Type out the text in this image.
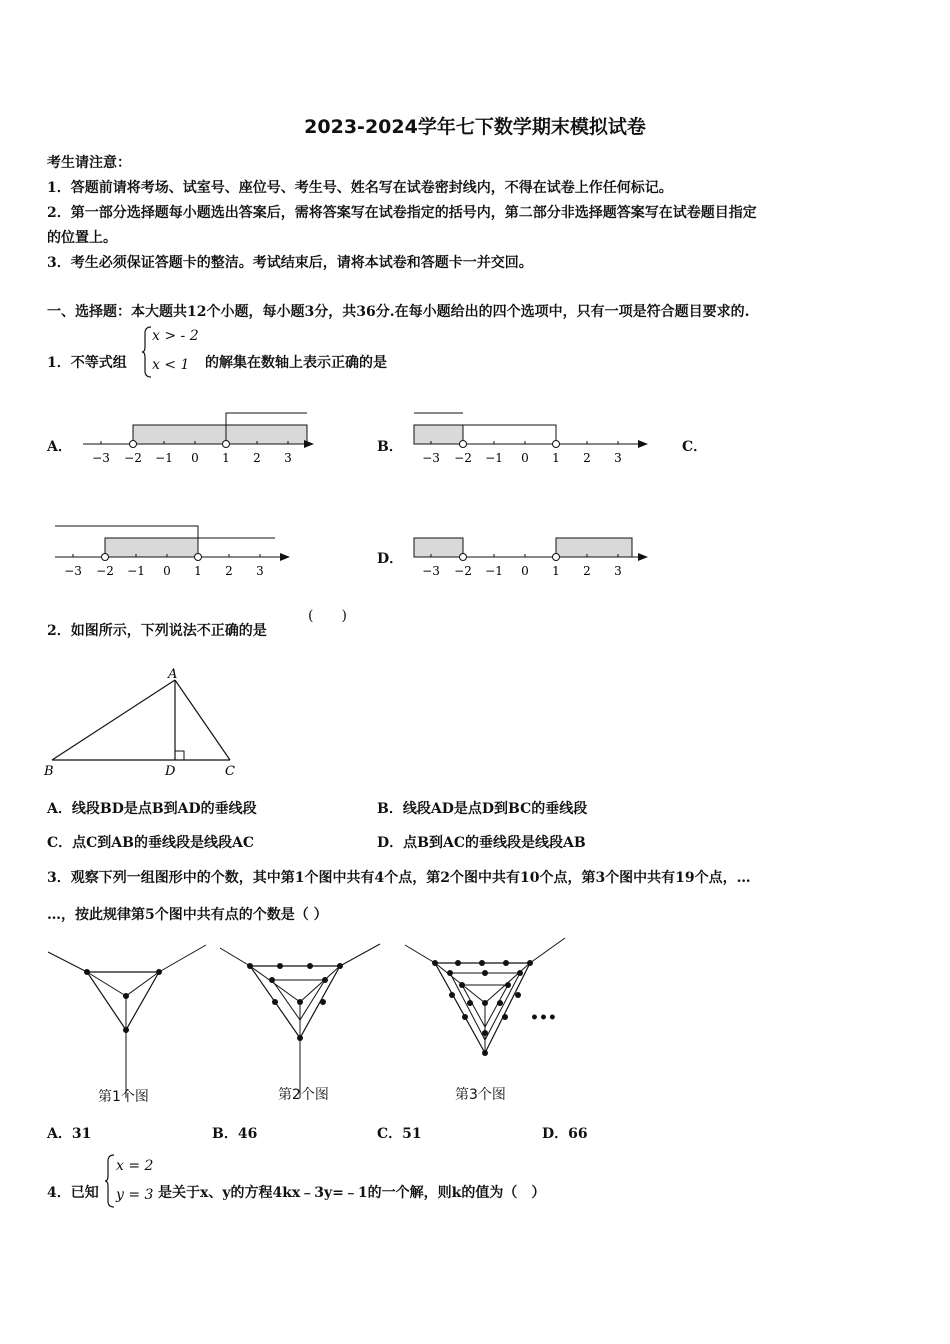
2023-2024学年七下数学期末模拟试卷
考生请注意：
1．答题前请将考场、试室号、座位号、考生号、姓名写在试卷密封线内，不得在试卷上作任何标记。
2．第一部分选择题每小题选出答案后，需将答案写在试卷指定的括号内，第二部分非选择题答案写在试卷题目指定
的位置上。
3．考生必须保证答题卡的整洁。考试结束后，请将本试卷和答题卡一并交回。
一、选择题：本大题共12个小题，每小题3分，共36分.在每小题给出的四个选项中，只有一项是符合题目要求的.
1．不等式组
x > - 2
x < 1 的解集在数轴上表示正确的是
A．
−3 −2 −1 0 1 2 3
B．
−3 −2 −1 0 1 2 3
C．
−3 −2 −1 0 1 2 3
D．
−3 −2 −1 0 1 2 3
2．如图所示，下列说法不正确的是
(　　)
A
B	D	C
A．线段BD是点B到AD的垂线段	B．线段AD是点D到BC的垂线段
C．点C到AB的垂线段是线段AC	D．点B到AC的垂线段是线段AB
3．观察下列一组图形中的个数，其中第1个图中共有4个点，第2个图中共有10个点，第3个图中共有19个点，…
…，按此规律第5个图中共有点的个数是（ ）
第1个图	第2个图
•••
第3个图
A．31	B．46	C．51	D．66
4．已知
x = 2
y = 3 是关于x、y的方程4kx﹣3y=﹣1的一个解，则k的值为（　）
